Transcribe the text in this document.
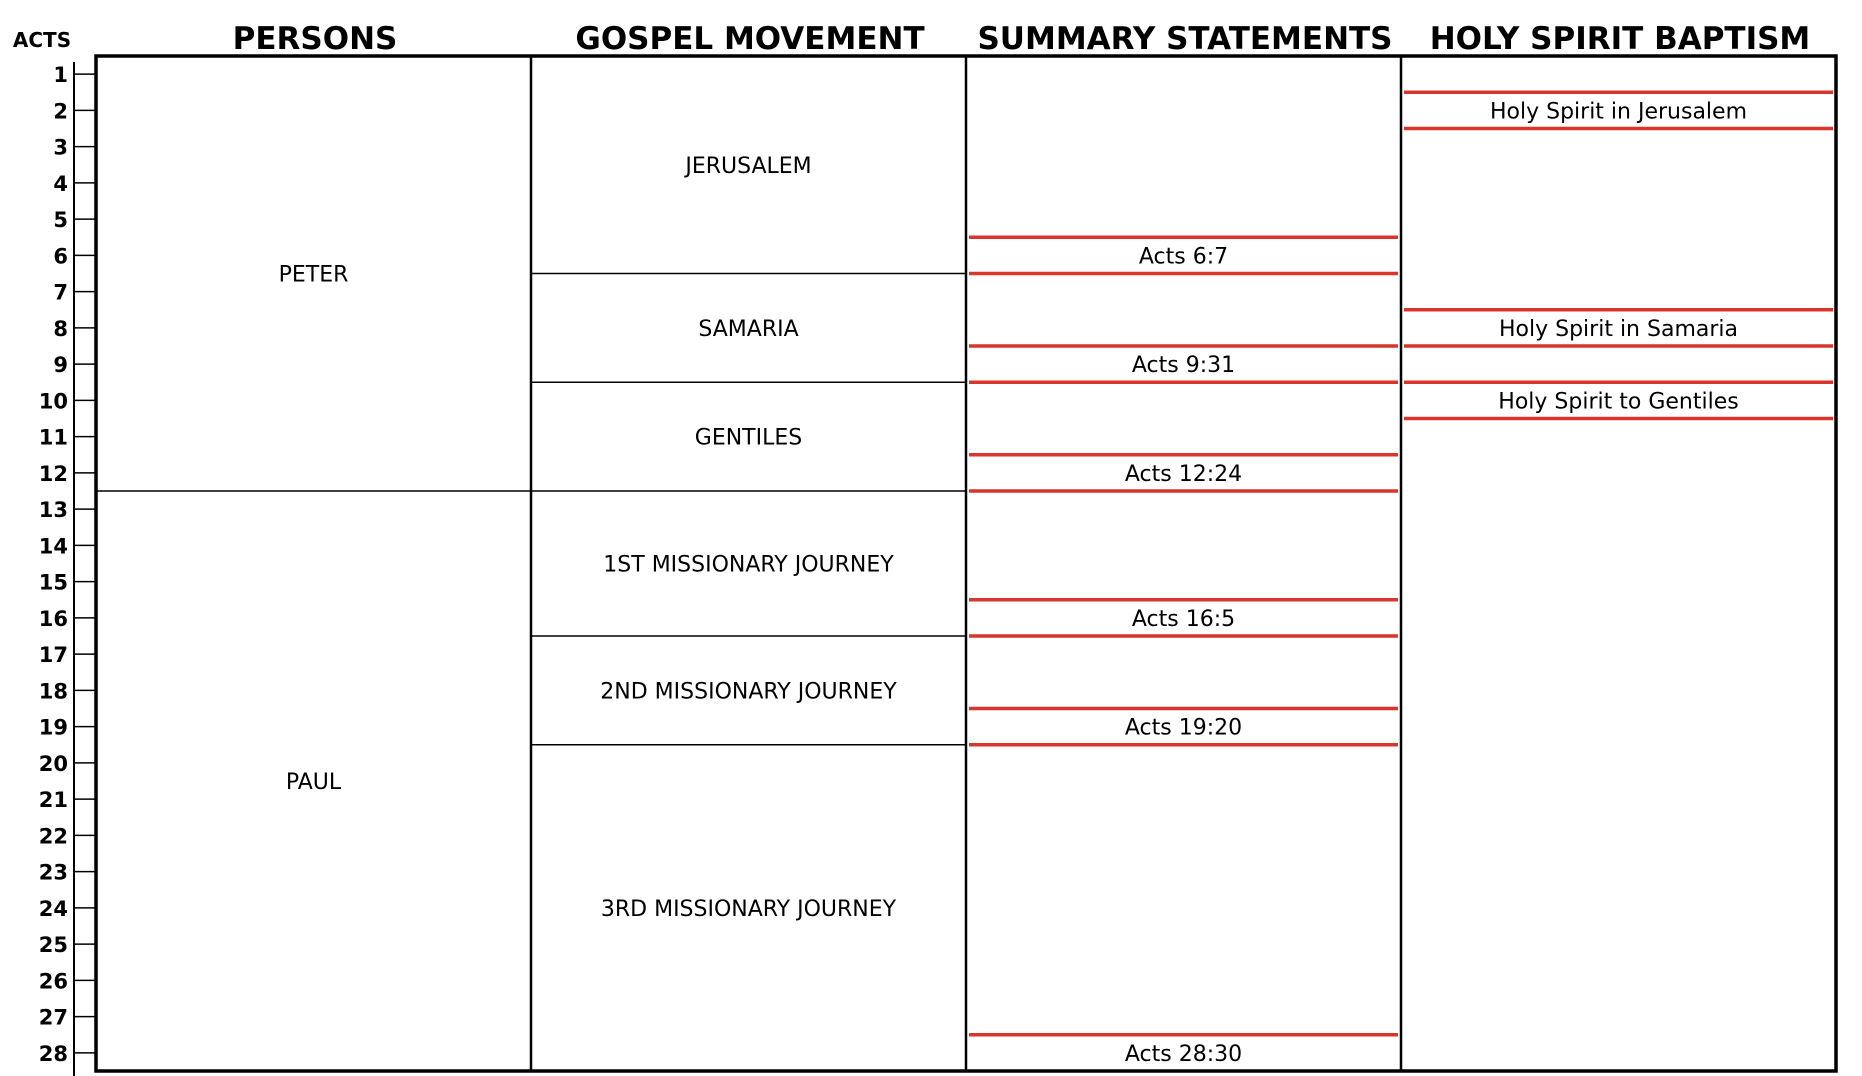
ACTS	PERSONS	GOSPEL MOVEMENT SUMMARY STATEMENTS HOLY SPIRIT BAPTISM
1
2
3
4
5
6
7
8
9
10
11
12
13
14
15
16
17
18
19
20
21
22
23
24
25
26
27
28
PETER
PAUL
JERUSALEM
SAMARIA
GENTILES
1ST MISSIONARY JOURNEY
2ND MISSIONARY JOURNEY
3RD MISSIONARY JOURNEY
Acts 6:7
Acts 9:31
Acts 12:24
Acts 16:5
Acts 19:20
Acts 28:30
Holy Spirit in Jerusalem
Holy Spirit in Samaria
Holy Spirit to Gentiles
